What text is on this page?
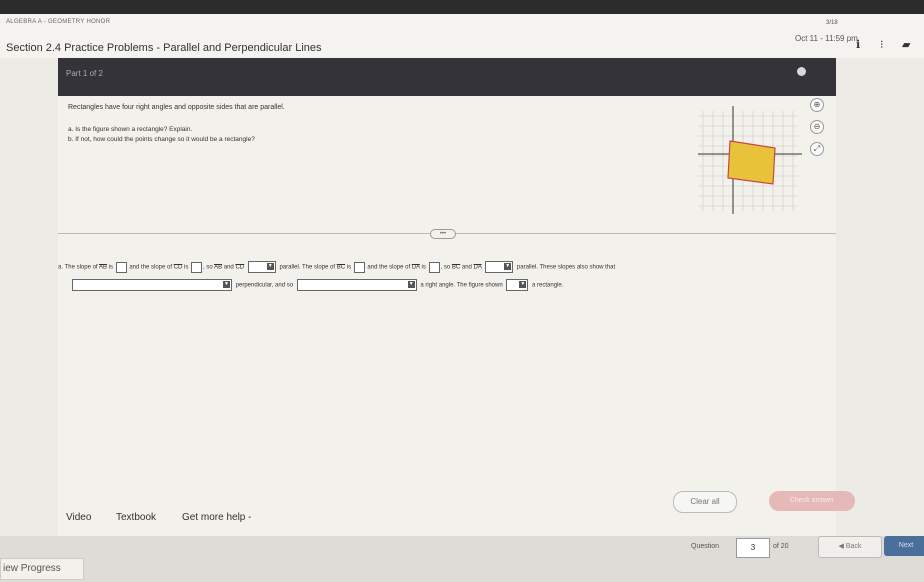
ALGEBRA A - GEOMETRY HONOR
Section 2.4 Practice Problems - Parallel and Perpendicular Lines
3/18
Oct 11 - 11:59 pm
ℹ ⁝ ▰
Part 1 of 2
Rectangles have four right angles and opposite sides that are parallel.
a. Is the figure shown a rectangle? Explain.
b. If not, how could the points change so it would be a rectangle?
⊕
⊖
⤢
•••
a. The slope of $\overline{AB}$ is	and the slope of $\overline{CD}$ is , so $\overline{AB}$ and $\overline{CD}$	▼ parallel. The slope of $\overline{BC}$ is	and the slope of $\overline{DA}$ is , so $\overline{BC}$ and $\overline{DA}$	▼ parallel. These slopes also show that
▼ perpendicular, and so	▼ a right angle. The figure shown	▼ a rectangle.
Video Textbook	Get more help -
Clear all	Check answer
iew Progress
Question	3	of 20	◀ Back	Next
